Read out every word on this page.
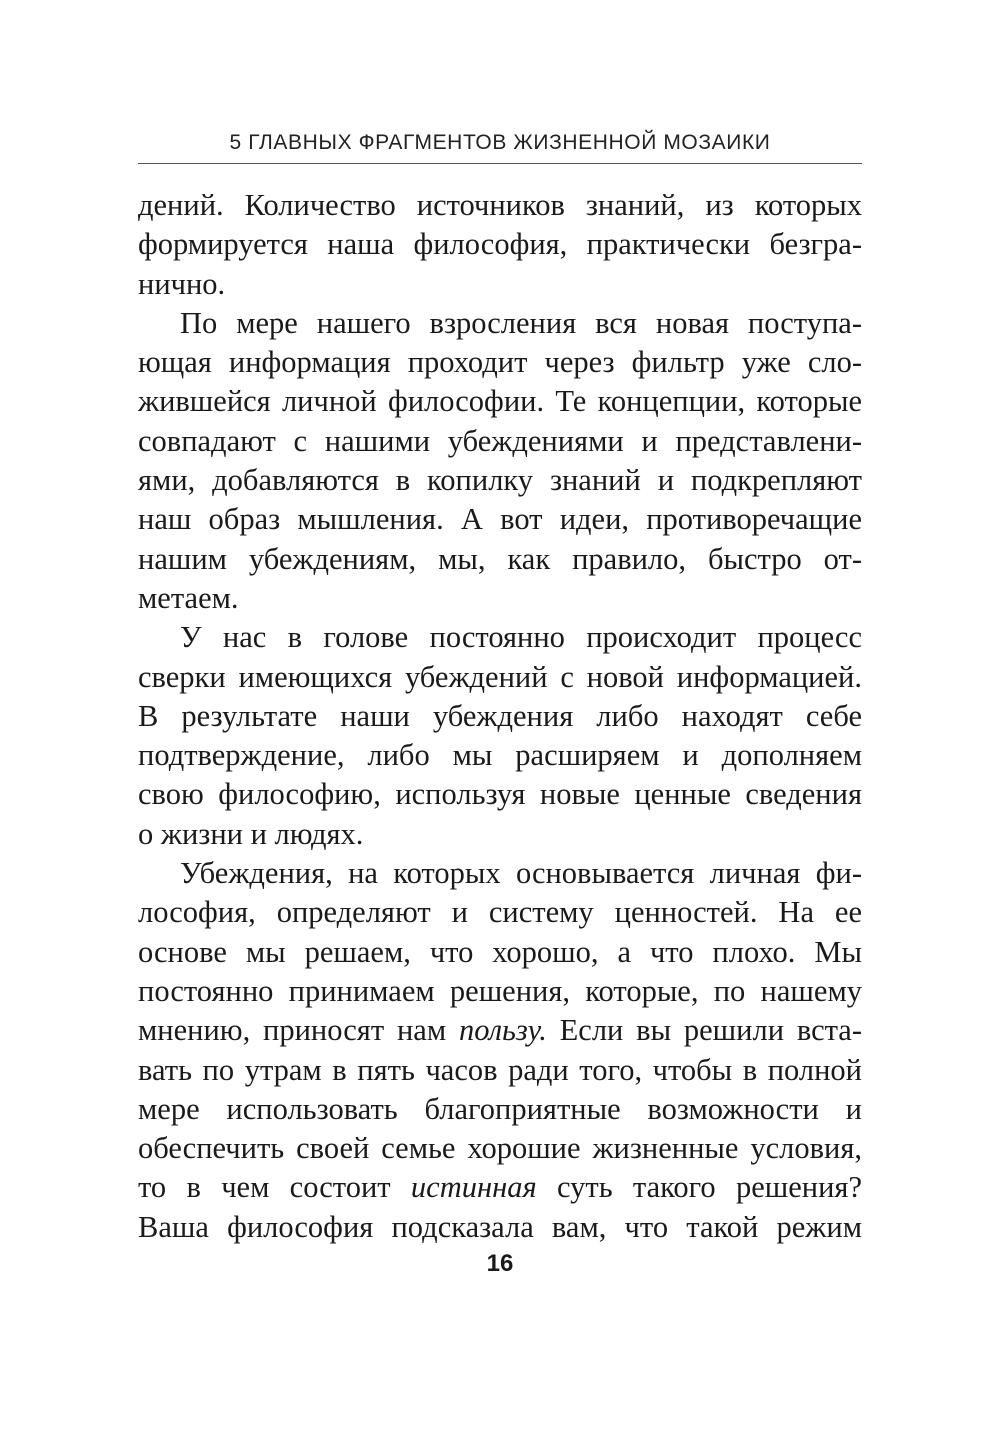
5 ГЛАВНЫХ ФРАГМЕНТОВ ЖИЗНЕННОЙ МОЗАИКИ
дений. Количество источников знаний, из которых
формируется наша философия, практически безгра-
нично.
По мере нашего взросления вся новая поступа-
ющая информация проходит через фильтр уже сло-
жившейся личной философии. Те концепции, которые
совпадают с нашими убеждениями и представлени-
ями, добавляются в копилку знаний и подкрепляют
наш образ мышления. А вот идеи, противоречащие
нашим убеждениям, мы, как правило, быстро от-
метаем.
У нас в голове постоянно происходит процесс
сверки имеющихся убеждений с новой информацией.
В результате наши убеждения либо находят себе
подтверждение, либо мы расширяем и дополняем
свою философию, используя новые ценные сведения
о жизни и людях.
Убеждения, на которых основывается личная фи-
лософия, определяют и систему ценностей. На ее
основе мы решаем, что хорошо, а что плохо. Мы
постоянно принимаем решения, которые, по нашему
мнению, приносят нам пользу. Если вы решили вста-
вать по утрам в пять часов ради того, чтобы в полной
мере использовать благоприятные возможности и
обеспечить своей семье хорошие жизненные условия,
то в чем состоит истинная суть такого решения?
Ваша философия подсказала вам, что такой режим
16
